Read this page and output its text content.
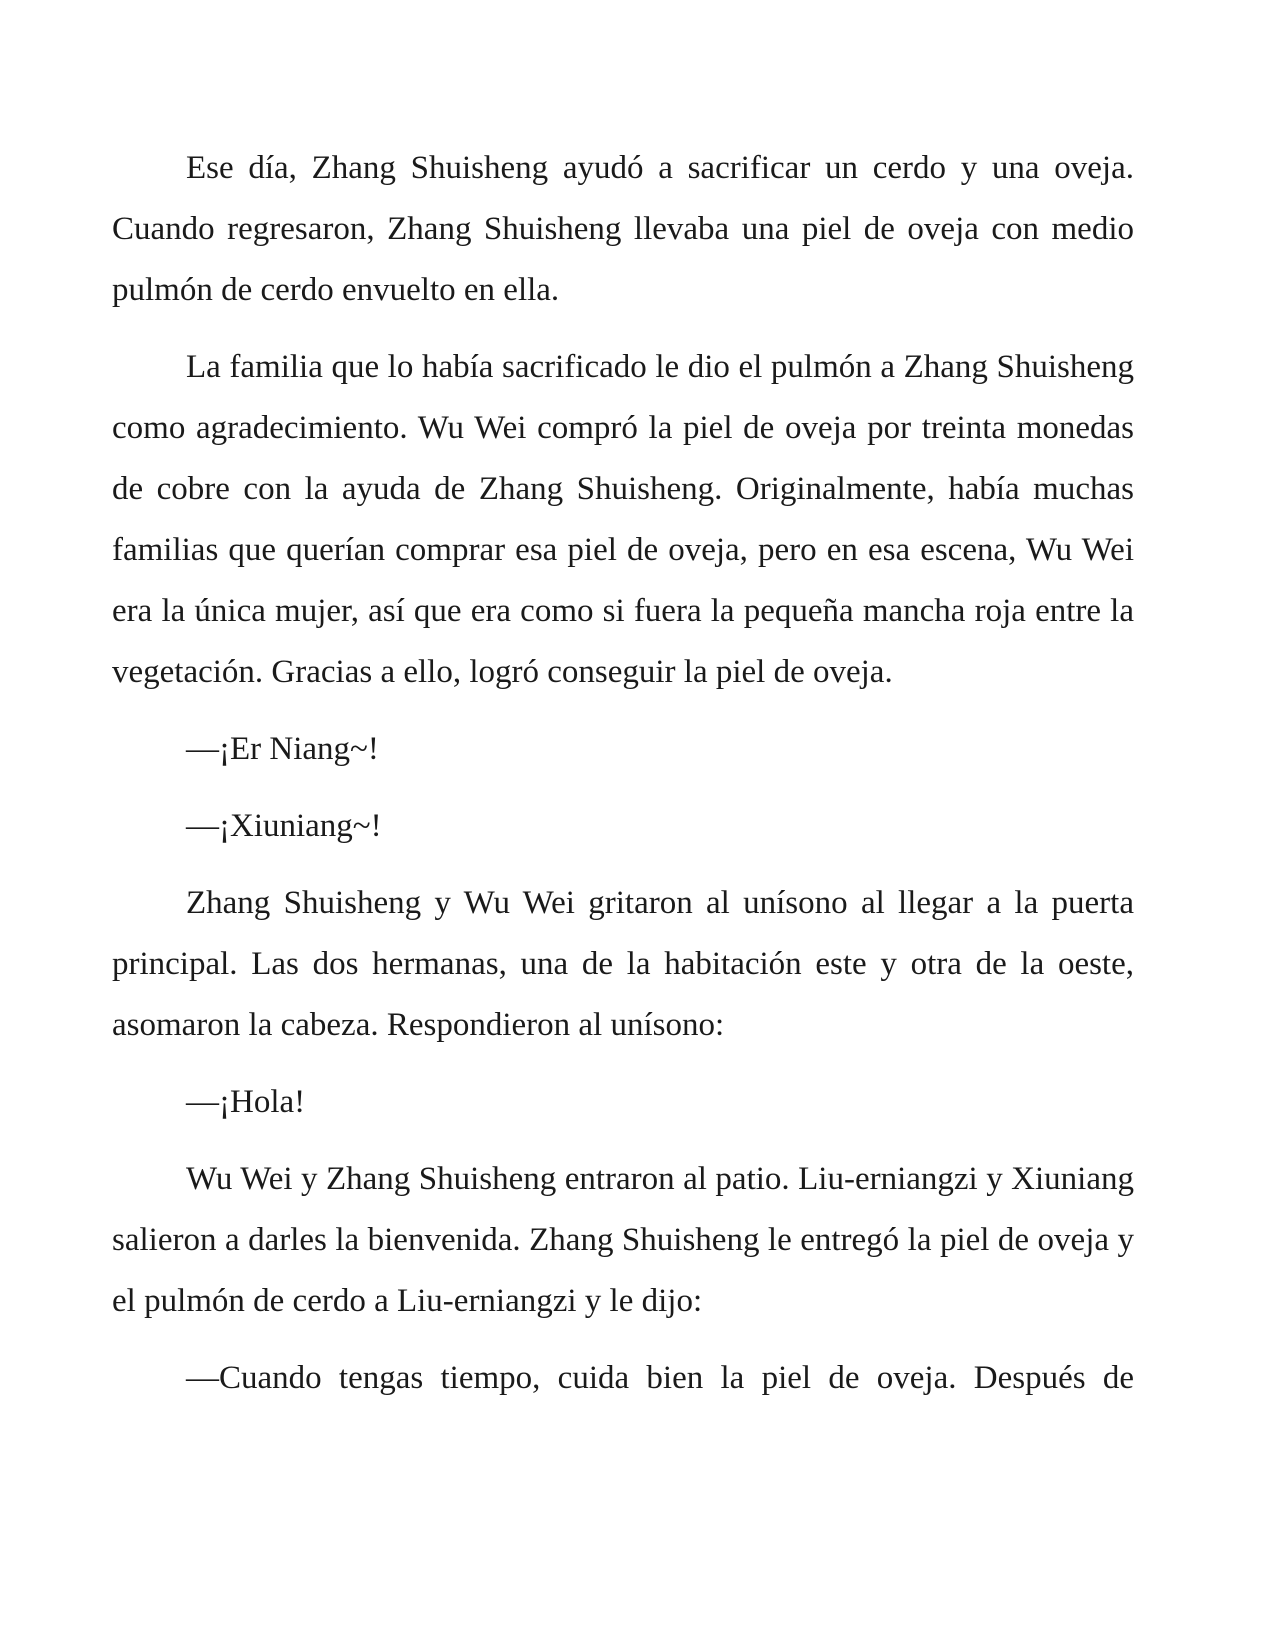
Ese día, Zhang Shuisheng ayudó a sacrificar un cerdo y una oveja. Cuando regresaron, Zhang Shuisheng llevaba una piel de oveja con medio pulmón de cerdo envuelto en ella.

La familia que lo había sacrificado le dio el pulmón a Zhang Shuisheng como agradecimiento. Wu Wei compró la piel de oveja por treinta monedas de cobre con la ayuda de Zhang Shuisheng. Originalmente, había muchas familias que querían comprar esa piel de oveja, pero en esa escena, Wu Wei era la única mujer, así que era como si fuera la pequeña mancha roja entre la vegetación. Gracias a ello, logró conseguir la piel de oveja.

—¡Er Niang~!

—¡Xiuniang~!

Zhang Shuisheng y Wu Wei gritaron al unísono al llegar a la puerta principal. Las dos hermanas, una de la habitación este y otra de la oeste, asomaron la cabeza. Respondieron al unísono:

—¡Hola!

Wu Wei y Zhang Shuisheng entraron al patio. Liu-erniangzi y Xiuniang salieron a darles la bienvenida. Zhang Shuisheng le entregó la piel de oveja y el pulmón de cerdo a Liu-erniangzi y le dijo:

—Cuando tengas tiempo, cuida bien la piel de oveja. Después de
